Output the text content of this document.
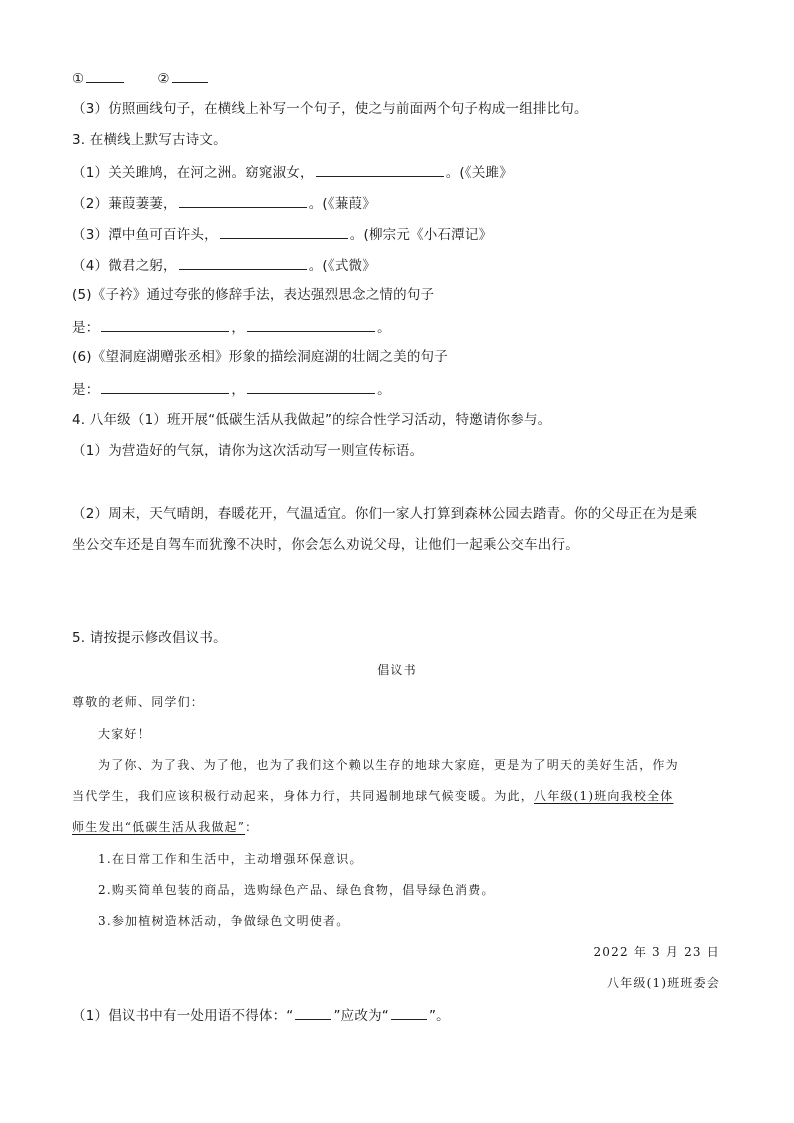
①	②
（3）仿照画线句子，在横线上补写一个句子，使之与前面两个句子构成一组排比句。
3. 在横线上默写古诗文。
（1）关关雎鸠，在河之洲。窈窕淑女，	。(《关雎》
（2）蒹葭萋萋，	。(《蒹葭》
（3）潭中鱼可百许头，	。(柳宗元《小石潭记》
（4）微君之躬，	。(《式微》
(5)《子衿》通过夸张的修辞手法，表达强烈思念之情的句子
是：	，	。
(6)《望洞庭湖赠张丞相》形象的描绘洞庭湖的壮阔之美的句子
是：	，	。
4. 八年级（1）班开展“低碳生活从我做起”的综合性学习活动，特邀请你参与。
（1）为营造好的气氛，请你为这次活动写一则宣传标语。
（2）周末，天气晴朗，春暖花开，气温适宜。你们一家人打算到森林公园去踏青。你的父母正在为是乘
坐公交车还是自驾车而犹豫不决时，你会怎么劝说父母，让他们一起乘公交车出行。
5. 请按提示修改倡议书。
倡议书
尊敬的老师、同学们：
大家好！
为了你、为了我、为了他，也为了我们这个赖以生存的地球大家庭，更是为了明天的美好生活，作为
当代学生，我们应该积极行动起来，身体力行，共同遏制地球气候变暖。为此，八年级(1)班向我校全体
师生发出“低碳生活从我做起”：
1.在日常工作和生活中，主动增强环保意识。
2.购买简单包装的商品，选购绿色产品、绿色食物，倡导绿色消费。
3.参加植树造林活动，争做绿色文明使者。
2022 年 3 月 23 日
八年级(1)班班委会
（1）倡议书中有一处用语不得体：“	”应改为“	”。
